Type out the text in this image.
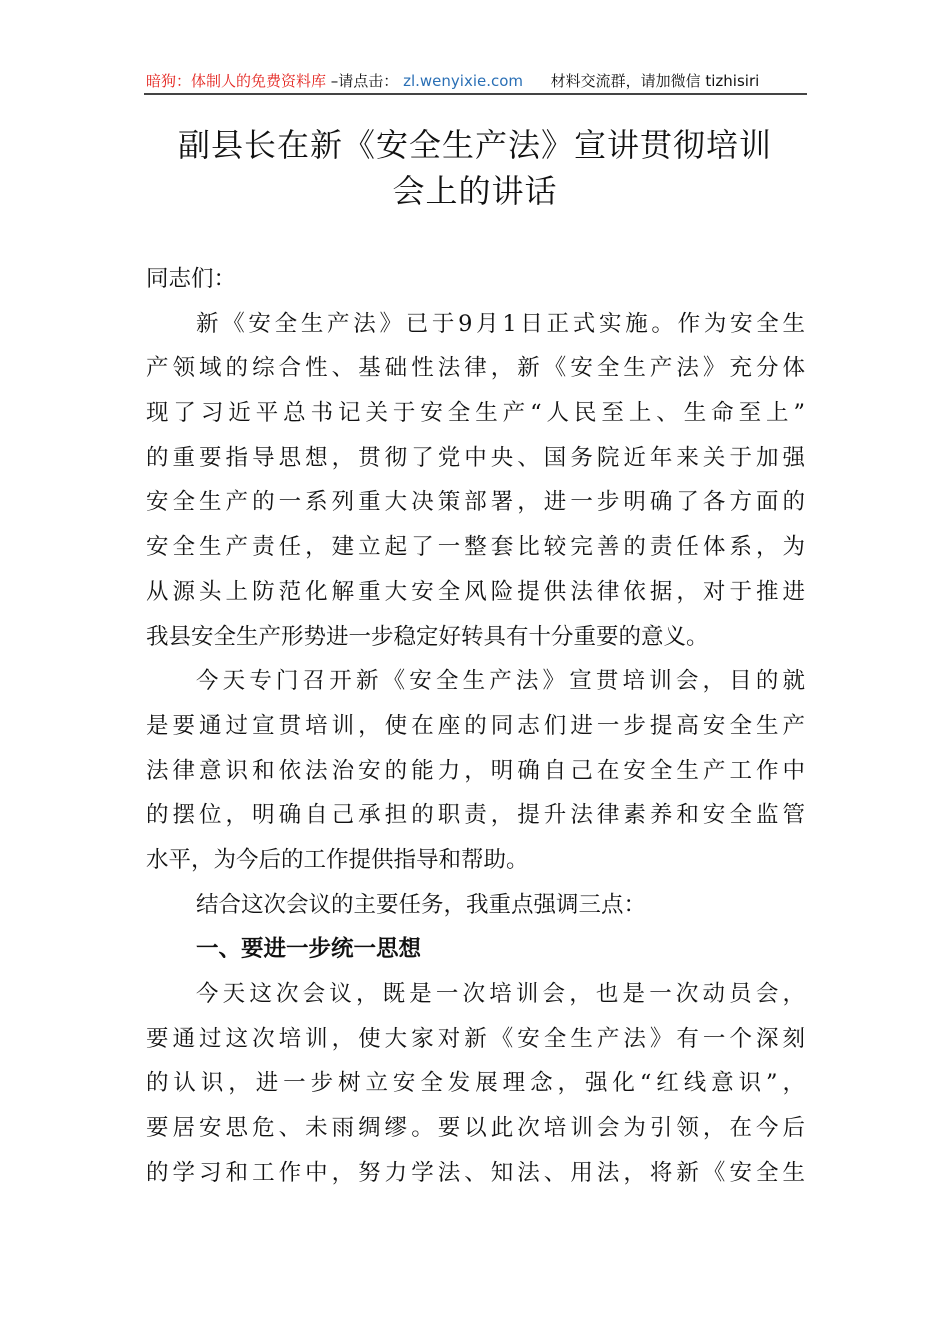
暗狗：体制人的免费资料库 –请点击： zl.wenyixie.com 材料交流群，请加微信 tizhisiri
副县长在新《安全生产法》宣讲贯彻培训
会上的讲话
同志们：
新《安全生产法》已于9月1日正式实施。作为安全生
产领域的综合性、基础性法律，新《安全生产法》充分体
现了习近平总书记关于安全生产“人民至上、生命至上”
的重要指导思想，贯彻了党中央、国务院近年来关于加强
安全生产的一系列重大决策部署，进一步明确了各方面的
安全生产责任，建立起了一整套比较完善的责任体系，为
从源头上防范化解重大安全风险提供法律依据，对于推进
我县安全生产形势进一步稳定好转具有十分重要的意义。
今天专门召开新《安全生产法》宣贯培训会，目的就
是要通过宣贯培训，使在座的同志们进一步提高安全生产
法律意识和依法治安的能力，明确自己在安全生产工作中
的摆位，明确自己承担的职责，提升法律素养和安全监管
水平，为今后的工作提供指导和帮助。
结合这次会议的主要任务，我重点强调三点：
一、要进一步统一思想
今天这次会议，既是一次培训会，也是一次动员会，
要通过这次培训，使大家对新《安全生产法》有一个深刻
的认识，进一步树立安全发展理念，强化“红线意识”，
要居安思危、未雨绸缪。要以此次培训会为引领，在今后
的学习和工作中，努力学法、知法、用法，将新《安全生
